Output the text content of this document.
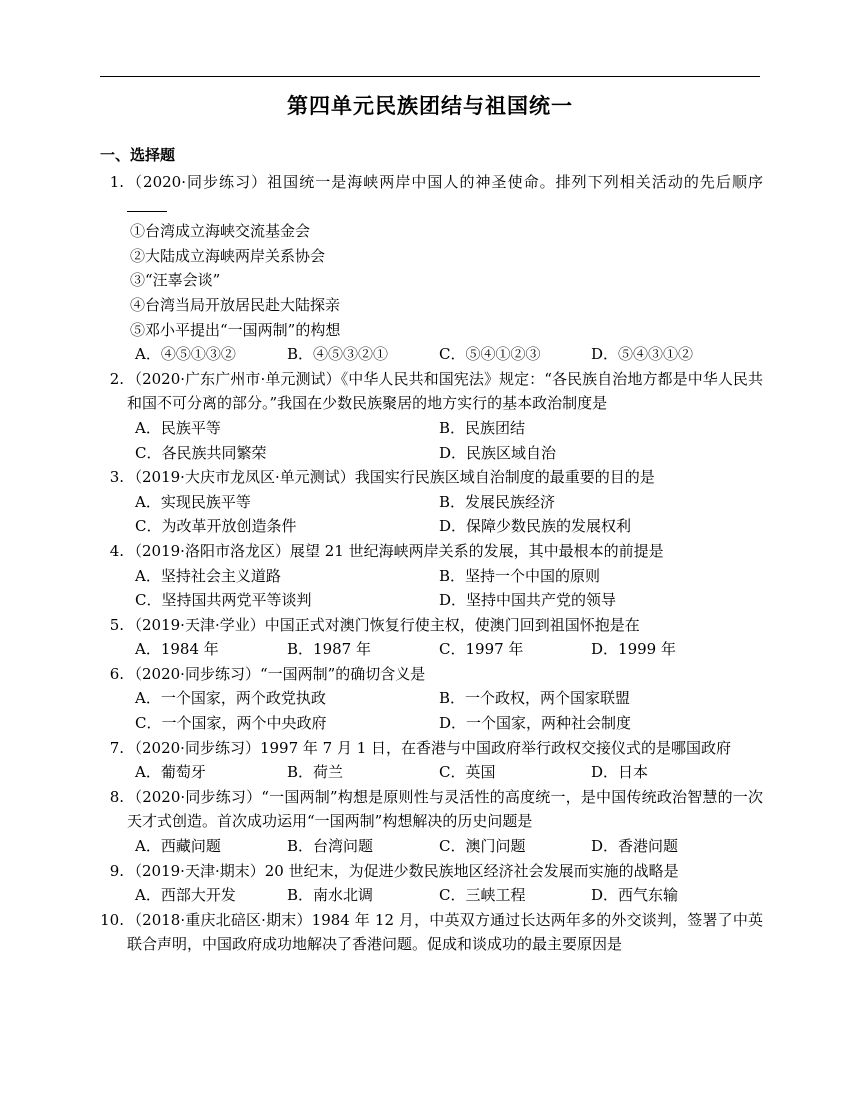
第四单元民族团结与祖国统一
一、选择题
1. （2020·同步练习）祖国统一是海峡两岸中国人的神圣使命。排列下列相关活动的先后顺序
①台湾成立海峡交流基金会
②大陆成立海峡两岸关系协会
③“汪辜会谈”
④台湾当局开放居民赴大陆探亲
⑤邓小平提出“一国两制”的构想
A．④⑤①③②	B．④⑤③②①	C．⑤④①②③	D．⑤④③①②
2. （2020·广东广州市·单元测试）《中华人民共和国宪法》规定：“各民族自治地方都是中华人民共和国不可分离的部分。”我国在少数民族聚居的地方实行的基本政治制度是
A．民族平等	B．民族团结
C．各民族共同繁荣	D．民族区域自治
3. （2019·大庆市龙凤区·单元测试）我国实行民族区域自治制度的最重要的目的是
A．实现民族平等	B．发展民族经济
C．为改革开放创造条件	D．保障少数民族的发展权利
4. （2019·洛阳市洛龙区）展望 21 世纪海峡两岸关系的发展，其中最根本的前提是
A．坚持社会主义道路	B．坚持一个中国的原则
C．坚持国共两党平等谈判	D．坚持中国共产党的领导
5. （2019·天津·学业）中国正式对澳门恢复行使主权，使澳门回到祖国怀抱是在
A．1984 年	B．1987 年	C．1997 年	D．1999 年
6. （2020·同步练习）“一国两制”的确切含义是
A．一个国家，两个政党执政	B．一个政权，两个国家联盟
C．一个国家，两个中央政府	D．一个国家，两种社会制度
7. （2020·同步练习）1997 年 7 月 1 日，在香港与中国政府举行政权交接仪式的是哪国政府
A．葡萄牙	B．荷兰	C．英国	D．日本
8. （2020·同步练习）“一国两制”构想是原则性与灵活性的高度统一，是中国传统政治智慧的一次天才式创造。首次成功运用“一国两制”构想解决的历史问题是
A．西藏问题	B．台湾问题	C．澳门问题	D．香港问题
9. （2019·天津·期末）20 世纪末，为促进少数民族地区经济社会发展而实施的战略是
A．西部大开发	B．南水北调	C．三峡工程	D．西气东输
10. （2018·重庆北碚区·期末）1984 年 12 月，中英双方通过长达两年多的外交谈判，签署了中英联合声明，中国政府成功地解决了香港问题。促成和谈成功的最主要原因是
